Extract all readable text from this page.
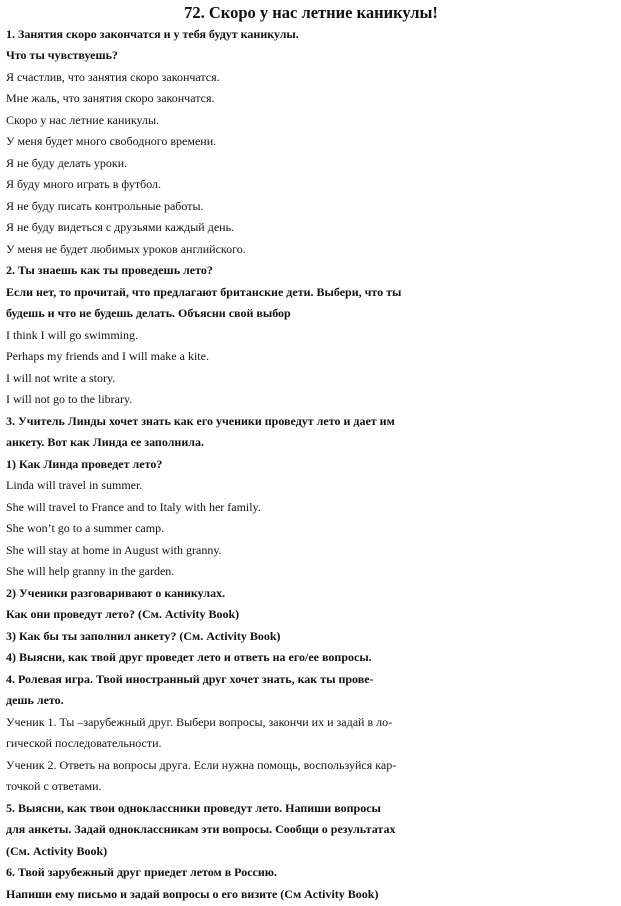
72. Скоро у нас летние каникулы!

1. Занятия скоро закончатся и у тебя будут каникулы.

Что ты чувствуешь?

Я счастлив, что занятия скоро закончатся.

Мне жаль, что занятия скоро закончатся.

Скоро у нас летние каникулы.

У меня будет много свободного времени.

Я не буду делать уроки.

Я буду много играть в футбол.

Я не буду писать контрольные работы.

Я не буду видеться с друзьями каждый день.

У меня не будет любимых уроков английского.

2. Ты знаешь как ты проведешь лето?

Если нет, то прочитай, что предлагают британские дети. Выбери, что ты

будешь и что не будешь делать. Объясни свой выбор

I think I will go swimming.

Perhaps my friends and I will make a kite.

I will not write a story.

I will not go to the library.

3. Учитель Линды хочет знать как его ученики проведут лето и дает им

анкету. Вот как Линда ее заполнила.

1) Как Линда проведет лето?

Linda will travel in summer.

She will travel to France and to Italy with her family.

She won’t go to a summer camp.

She will stay at home in August with granny.

She will help granny in the garden.

2) Ученики разговаривают о каникулах.

Как они проведут лето? (См. Activity Book)

3) Как бы ты заполнил анкету? (См. Activity Book)

4) Выясни, как твой друг проведет лето и ответь на его/ее вопросы.

4. Ролевая игра. Твой иностранный друг хочет знать, как ты прове-

дешь лето.

Ученик 1. Ты –зарубежный друг. Выбери вопросы, закончи их и задай в ло-

гической последовательности.

Ученик 2. Ответь на вопросы друга. Если нужна помощь, воспользуйся кар-

точкой с ответами.

5. Выясни, как твои одноклассники проведут лето. Напиши вопросы

для анкеты. Задай одноклассникам эти вопросы. Сообщи о результатах

(См. Activity Book)

6. Твой зарубежный друг приедет летом в Россию.

Напиши ему письмо и задай вопросы о его визите (См Activity Book)
